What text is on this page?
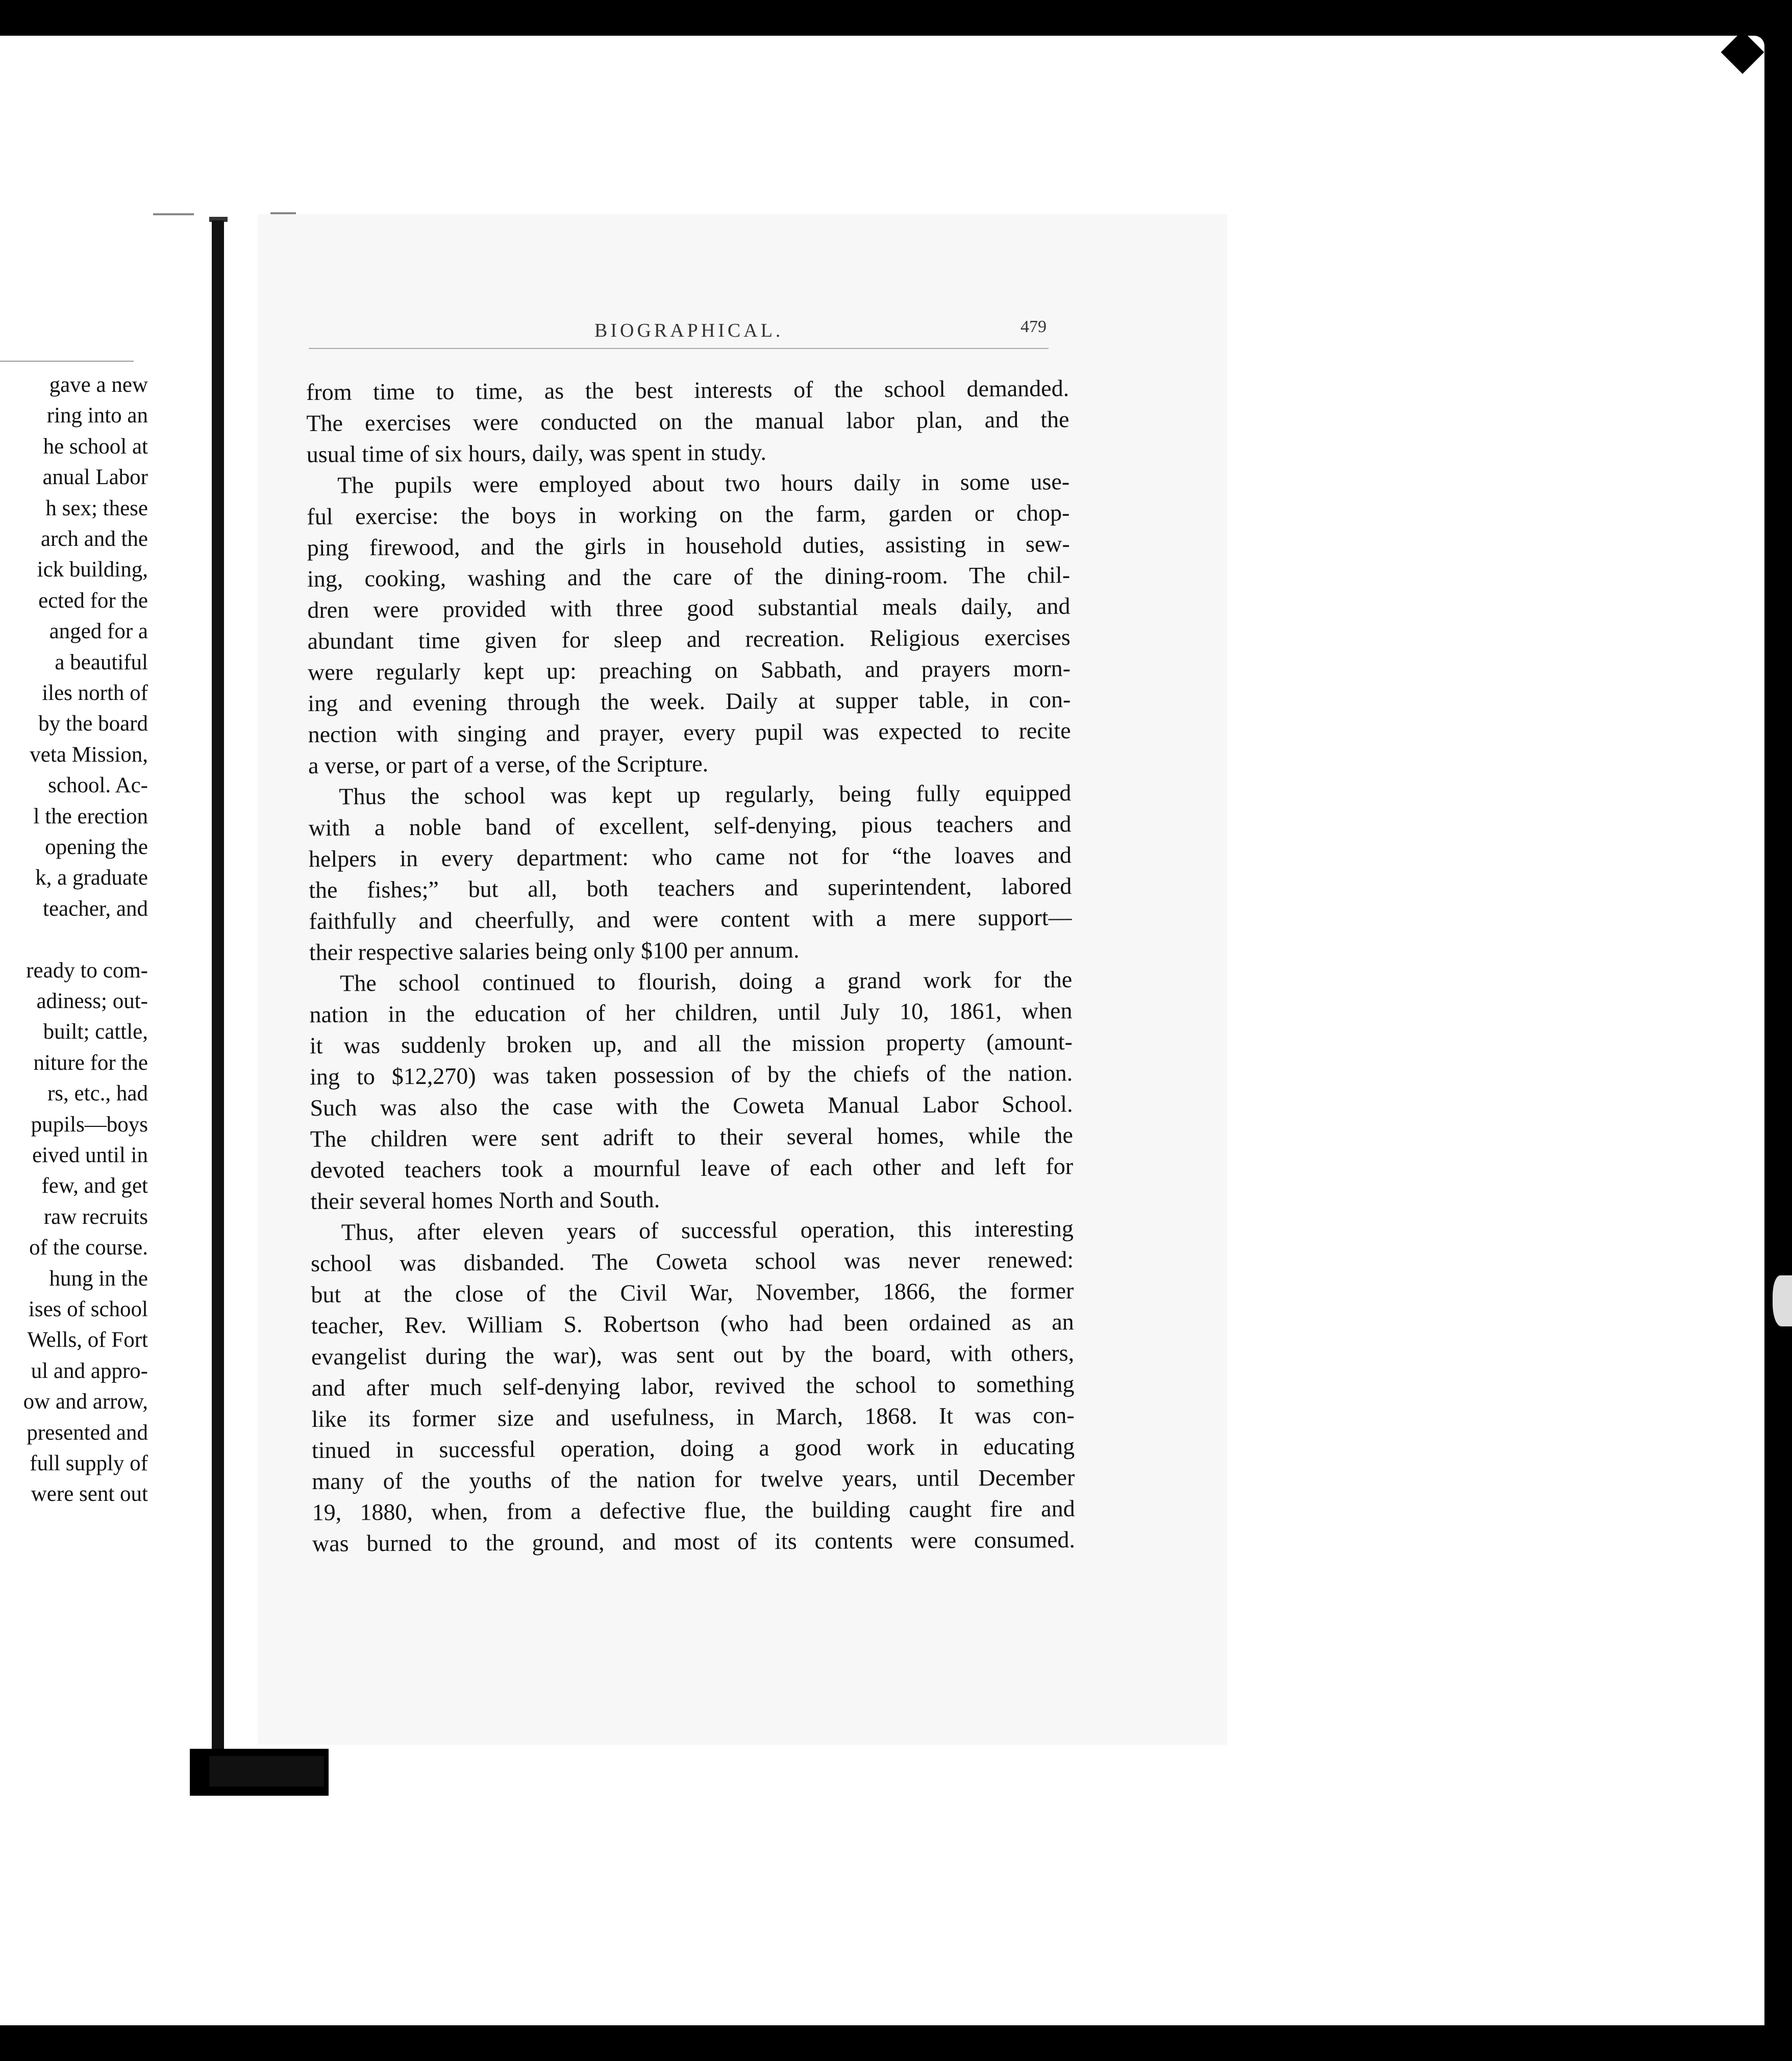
gave a new
ring into an
he school at
anual Labor
h sex; these
arch and the
ick building,
ected for the
anged for a
a beautiful
iles north of
by the board
veta Mission,
school. Ac-
l the erection
opening the
k, a graduate
teacher, and
ready to com-
adiness; out-
built; cattle,
niture for the
rs, etc., had
pupils—boys
eived until in
few, and get
raw recruits
of the course.
hung in the
ises of school
Wells, of Fort
ul and appro-
ow and arrow,
presented and
full supply of
were sent out
BIOGRAPHICAL.	479
from time to time, as the best interests of the school demanded.
The exercises were conducted on the manual labor plan, and the
usual time of six hours, daily, was spent in study.
The pupils were employed about two hours daily in some use-
ful exercise: the boys in working on the farm, garden or chop-
ping firewood, and the girls in household duties, assisting in sew-
ing, cooking, washing and the care of the dining-room. The chil-
dren were provided with three good substantial meals daily, and
abundant time given for sleep and recreation. Religious exercises
were regularly kept up: preaching on Sabbath, and prayers morn-
ing and evening through the week. Daily at supper table, in con-
nection with singing and prayer, every pupil was expected to recite
a verse, or part of a verse, of the Scripture.
Thus the school was kept up regularly, being fully equipped
with a noble band of excellent, self-denying, pious teachers and
helpers in every department: who came not for “the loaves and
the fishes;” but all, both teachers and superintendent, labored
faithfully and cheerfully, and were content with a mere support—
their respective salaries being only $100 per annum.
The school continued to flourish, doing a grand work for the
nation in the education of her children, until July 10, 1861, when
it was suddenly broken up, and all the mission property (amount-
ing to $12,270) was taken possession of by the chiefs of the nation.
Such was also the case with the Coweta Manual Labor School.
The children were sent adrift to their several homes, while the
devoted teachers took a mournful leave of each other and left for
their several homes North and South.
Thus, after eleven years of successful operation, this interesting
school was disbanded. The Coweta school was never renewed:
but at the close of the Civil War, November, 1866, the former
teacher, Rev. William S. Robertson (who had been ordained as an
evangelist during the war), was sent out by the board, with others,
and after much self-denying labor, revived the school to something
like its former size and usefulness, in March, 1868. It was con-
tinued in successful operation, doing a good work in educating
many of the youths of the nation for twelve years, until December
19, 1880, when, from a defective flue, the building caught fire and
was burned to the ground, and most of its contents were consumed.
